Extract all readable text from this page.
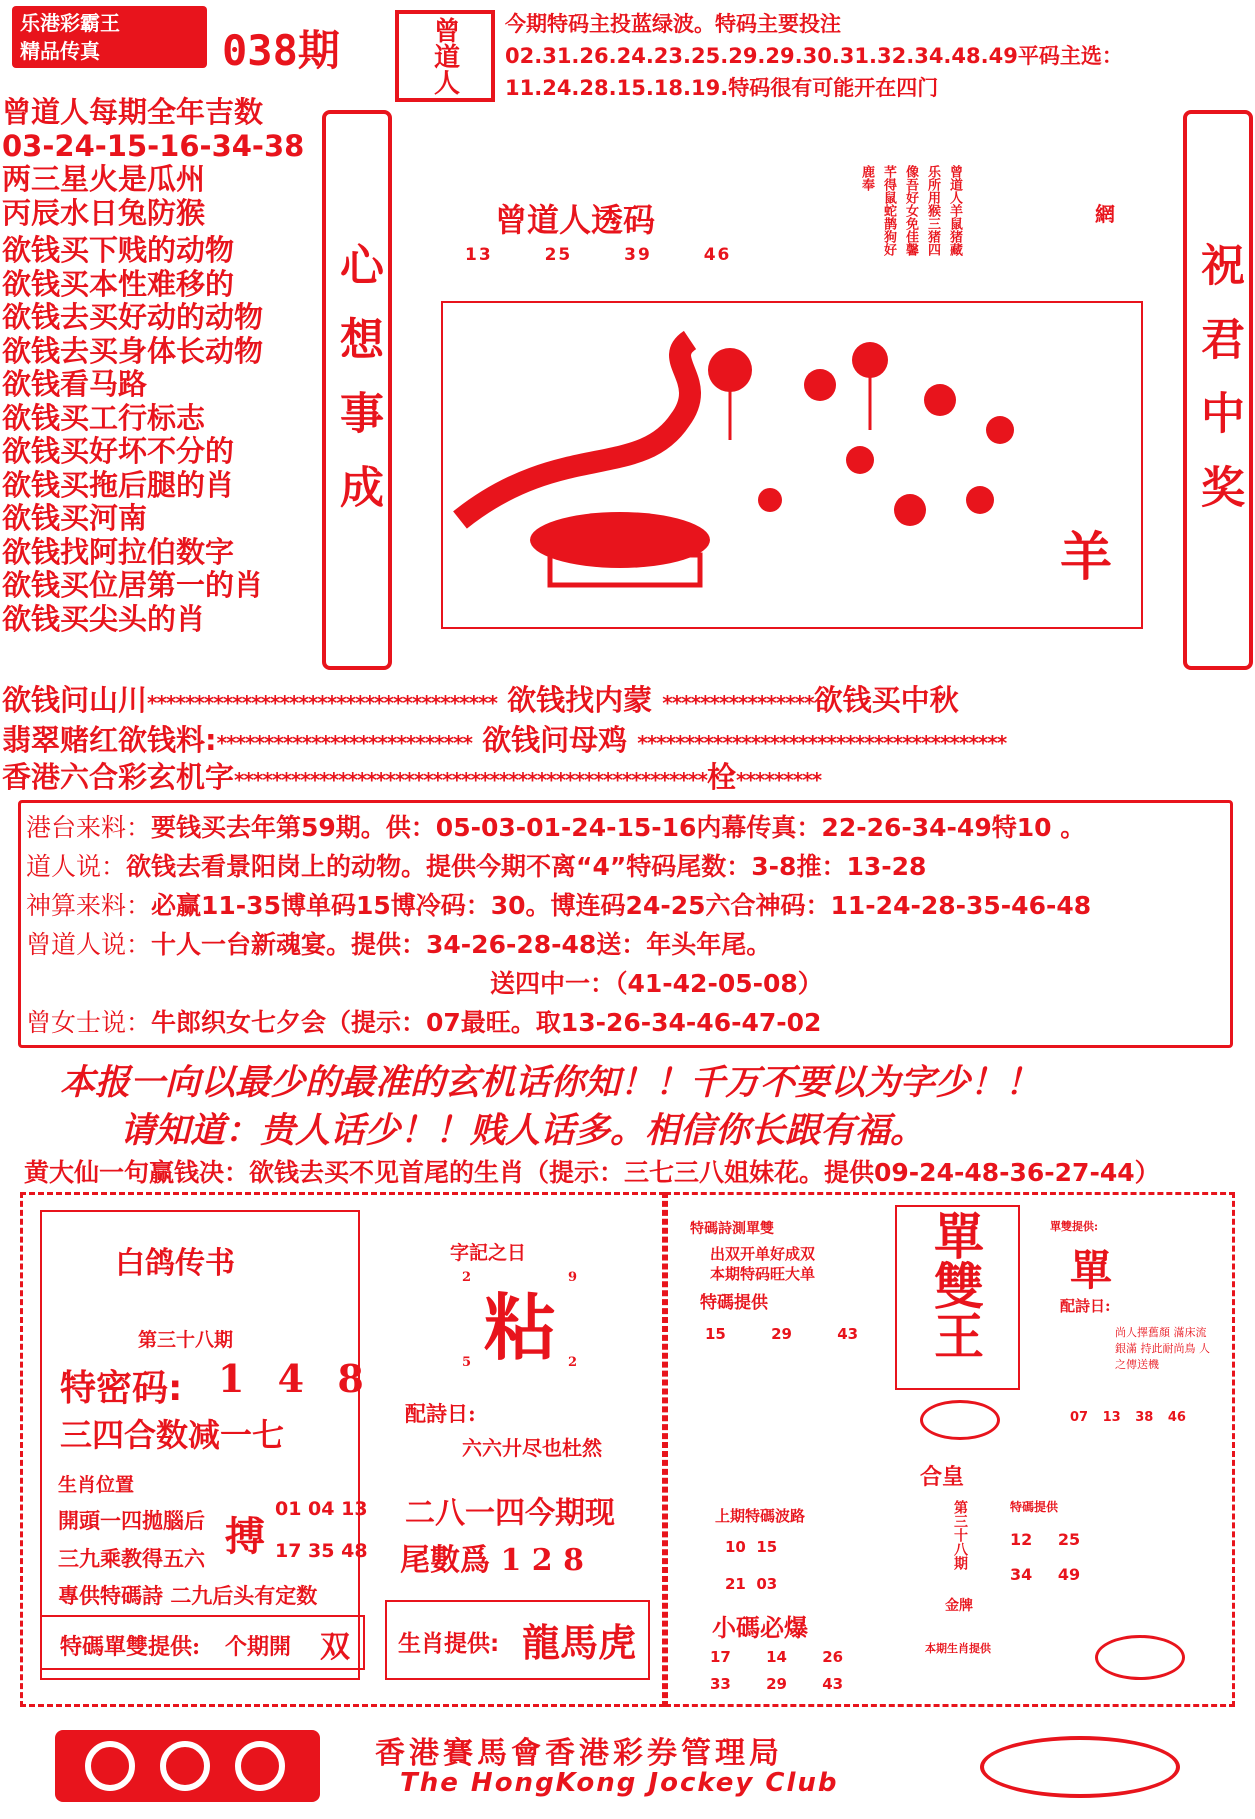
乐港彩霸王
精品传真	038期	曾道人 今期特码主投蓝绿波。特码主要投注02.31.26.24.23.25.29.29.30.31.32.34.48.49平码主选：11.24.28.15.18.19.特码很有可能开在四门
曾道人每期全年吉数
03-24-15-16-34-38
两三星火是瓜州
丙辰水日兔防猴
欲钱买下贱的动物
欲钱买本性难移的
欲钱去买好动的动物
欲钱去买身体长动物
欲钱看马路
欲钱买工行标志
欲钱买好坏不分的
欲钱买拖后腿的肖
欲钱买河南
欲钱找阿拉伯数字
欲钱买位居第一的肖
欲钱买尖头的肖
心想事成	祝君中奖
曾道人透码
13 25 39 46	曾道人羊鼠猪藏乐所用猴三猪四像吾好女免佳馨芊得鼠蛇鹊狗好鹿奉
網
羊
欲钱问山川************************************* 欲钱找内蒙 ****************欲钱买中秋
翡翠赌红欲钱料:*************************** 欲钱问母鸡 ***************************************
香港六合彩玄机字**************************************************栓*********
港台来料：要钱买去年第59期。供：05-03-01-24-15-16内幕传真：22-26-34-49特10 。
道人说：欲钱去看景阳岗上的动物。提供今期不离“4”特码尾数：3-8推：13-28
神算来料：必赢11-35博单码15博冷码：30。博连码24-25六合神码：11-24-28-35-46-48
曾道人说：十人一台新魂宴。提供：34-26-28-48送：年头年尾。
送四中一：（41-42-05-08）
曾女士说：牛郎织女七夕会（提示：07最旺。取13-26-34-46-47-02
本报一向以最少的最准的玄机话你知！！千万不要以为字少！！
请知道：贵人话少！！贱人话多。相信你长跟有福。
黄大仙一句赢钱决：欲钱去买不见首尾的生肖（提示：三七三八姐妹花。提供09-24-48-36-27-44）
白鸽传书
第三十八期
特密码: 1 4 8
三四合数减一七
生肖位置
開頭一四拋腦后
三九乘教得五六
專供特碼詩 二九后头有定数
搏
01 04 13
17 35 48
特碼單雙提供: 个期開 双
字記之日
2	9
粘
5	2
配詩日:
六六廾尽也杜然
二八一四今期现
尾數爲 1 2 8
生肖提供: 龍馬虎
特碼詩測單雙
出双开单好成双
本期特码旺大单
特碼提供
15 29 43 單雙王	單雙提供:
單
配詩日:
尚人擇舊顏 滿床流銀滿 持此耐尚鳥 人之傳送機
07 13 38 46
合皇
上期特碼波路
10  15
21  03
小碼必爆
17 14 26
33 29 43
第三十八期
金牌
特碼提供
12 25
34 49
本期生肖提供
香港賽馬會香港彩券管理局
The HongKong Jockey Club
